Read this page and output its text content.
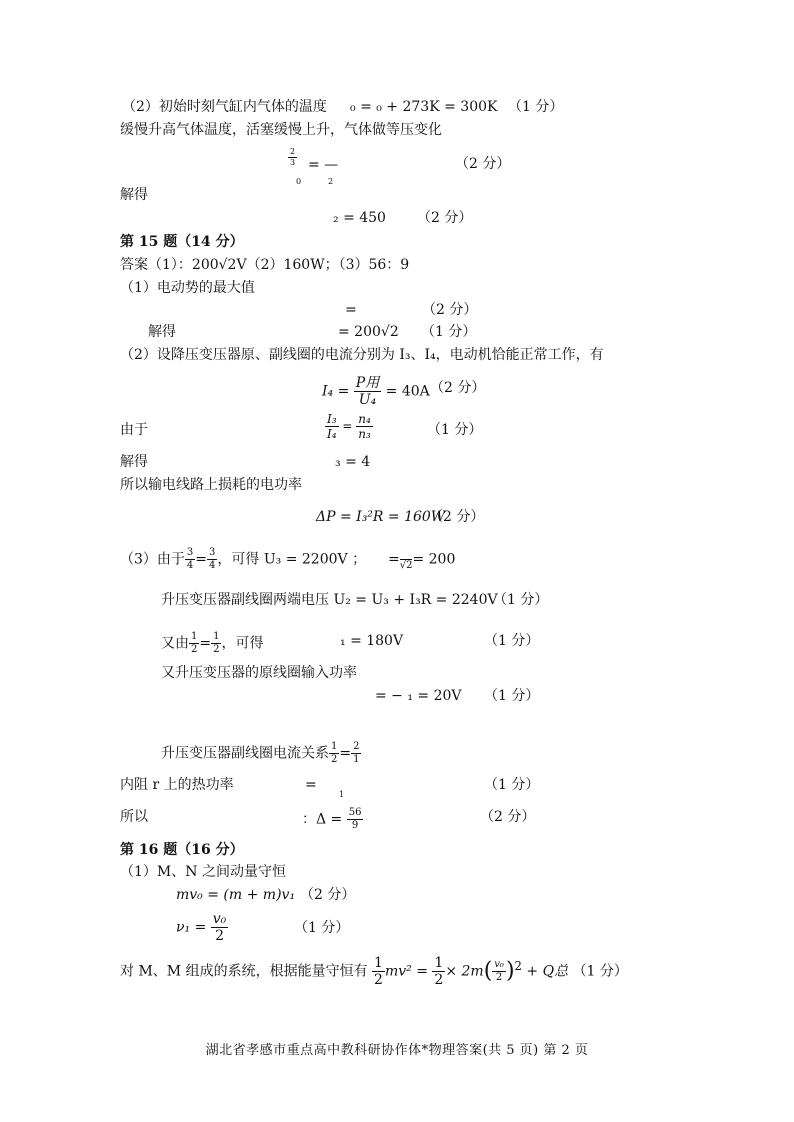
（2）初始时刻气缸内气体的温度 ₀ = ₀ + 273K = 300K （1 分）
缓慢升高气体温度，活塞缓慢上升，气体做等压变化
$\frac{2}{3}$ = —
0	2
（2 分）
解得
₂ = 450 （2 分）
第 15 题（14 分）
答案（1）：200√2V（2）160W；（3）56：9
（1）电动势的最大值
=	（2 分）
解得	= 200√2 （1 分）
（2）设降压变压器原、副线圈的电流分别为 I₃、I₄，电动机恰能正常工作，有
I₄ =
P用
U₄
= 40A （2 分）
由于	$\frac{\text{I₃}}{\text{I₄}} = \frac{\text{n₄}}{\text{n₃}}$	（1 分）
解得	₃ = 4
所以输电线路上损耗的电功率
ΔP = I₃²R = 160W
（2 分）
（3）由于 $\frac{3}{4} = \frac{3}{4}$ ，可得 U₃ = 2200V ； =
√2 = 200
升压变压器副线圈两端电压 U₂ = U₃ + I₃R = 2240V
（1 分）
又由 $\frac{1}{2} = \frac{1}{2}$ ，可得	₁ = 180V	（1 分）
又升压变压器的原线圈输入功率
= − ₁ = 20V （1 分）
升压变压器副线圈电流关系 $\frac{1}{2} = \frac{2}{1}$
内阻 r 上的热功率	=
1
（1 分）
所以	：$\Delta = \frac{56}{9}$	（2 分）
第 16 题（16 分）
（1）M、N 之间动量守恒
mv₀ = (m + m)v₁ （2 分）
$\nu_1 = \frac{\text{v₀}}{2}$	（1 分）
对 M、M 组成的系统，根据能量守恒有 $\frac{1}{2} mv^2 = \frac{1}{2} \times 2m( \frac{\text{v₀}}{2} )^2 + Q$总 （1 分）
湖北省孝感市重点高中教科研协作体*物理答案(共 5 页) 第 2 页
